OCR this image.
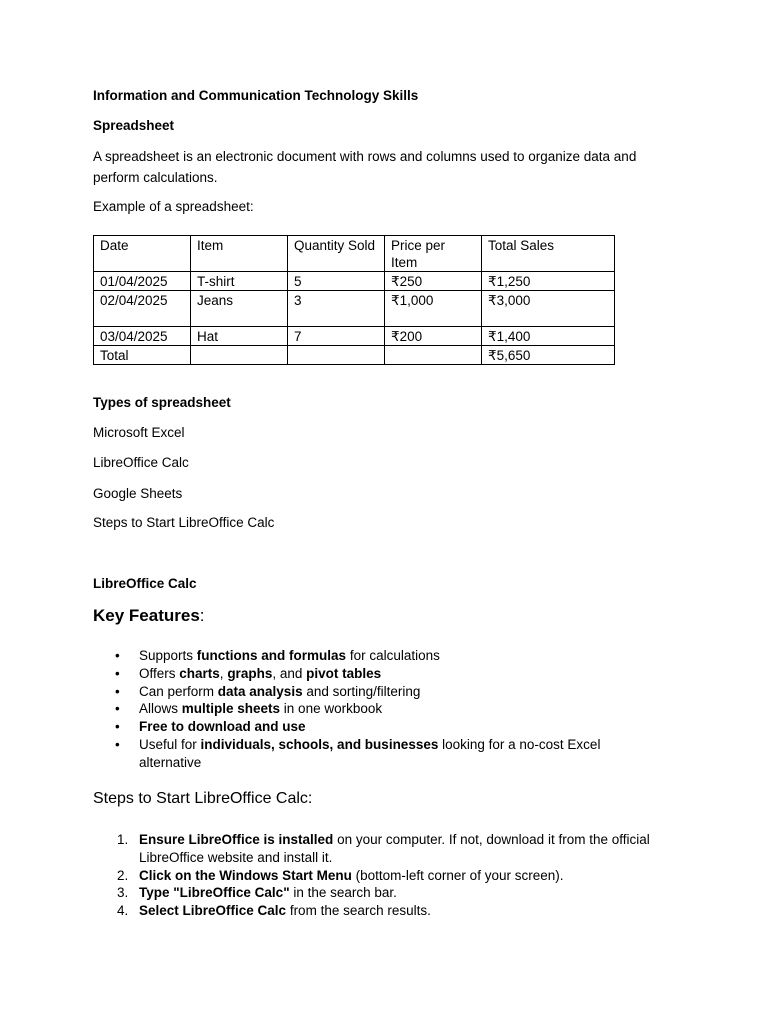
Information and Communication Technology Skills

Spreadsheet

A spreadsheet is an electronic document with rows and columns used to organize data and perform calculations.

Example of a spreadsheet:

Date	Item	Quantity Sold	Price per Item	Total Sales
01/04/2025	T-shirt	5	₹250	₹1,250
02/04/2025	Jeans	3	₹1,000	₹3,000
03/04/2025	Hat	7	₹200	₹1,400
Total				₹5,650

Types of spreadsheet

Microsoft Excel

LibreOffice Calc

Google Sheets

Steps to Start LibreOffice Calc

LibreOffice Calc

Key Features:

• Supports functions and formulas for calculations
• Offers charts, graphs, and pivot tables
• Can perform data analysis and sorting/filtering
• Allows multiple sheets in one workbook
• Free to download and use
• Useful for individuals, schools, and businesses looking for a no-cost Excel alternative

Steps to Start LibreOffice Calc:

1. Ensure LibreOffice is installed on your computer. If not, download it from the official LibreOffice website and install it.
2. Click on the Windows Start Menu (bottom-left corner of your screen).
3. Type "LibreOffice Calc" in the search bar.
4. Select LibreOffice Calc from the search results.
